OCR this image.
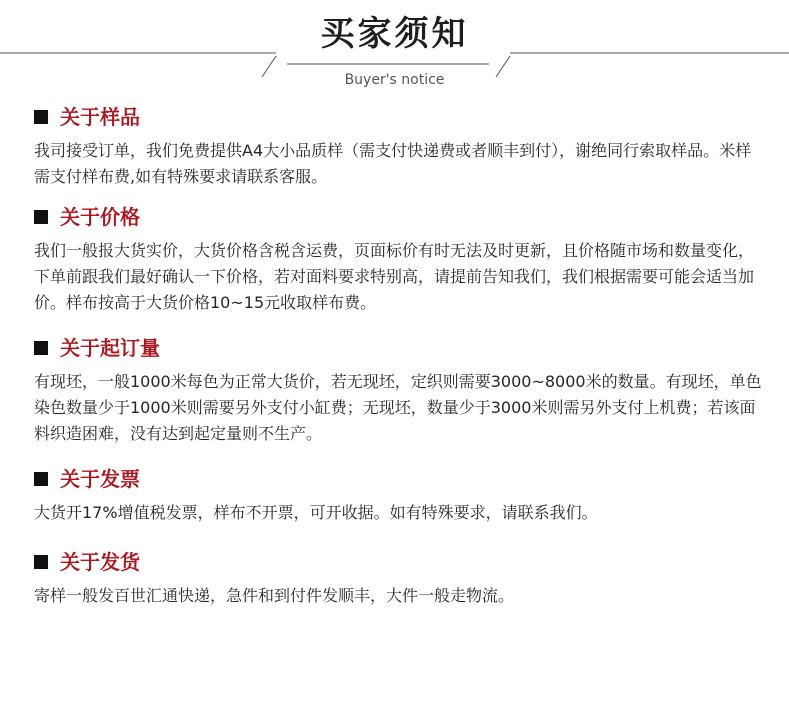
买家须知
Buyer's notice
关于样品

我司接受订单，我们免费提供A4大小品质样（需支付快递费或者顺丰到付），谢绝同行索取样品。米样需支付样布费,如有特殊要求请联系客服。

关于价格

我们一般报大货实价，大货价格含税含运费，页面标价有时无法及时更新，且价格随市场和数量变化，下单前跟我们最好确认一下价格，若对面料要求特别高，请提前告知我们，我们根据需要可能会适当加价。样布按高于大货价格10~15元收取样布费。

关于起订量

有现坯，一般1000米每色为正常大货价，若无现坯，定织则需要3000~8000米的数量。有现坯，单色染色数量少于1000米则需要另外支付小缸费；无现坯，数量少于3000米则需另外支付上机费；若该面料织造困难，没有达到起定量则不生产。

关于发票

大货开17%增值税发票，样布不开票，可开收据。如有特殊要求，请联系我们。

关于发货

寄样一般发百世汇通快递，急件和到付件发顺丰，大件一般走物流。
